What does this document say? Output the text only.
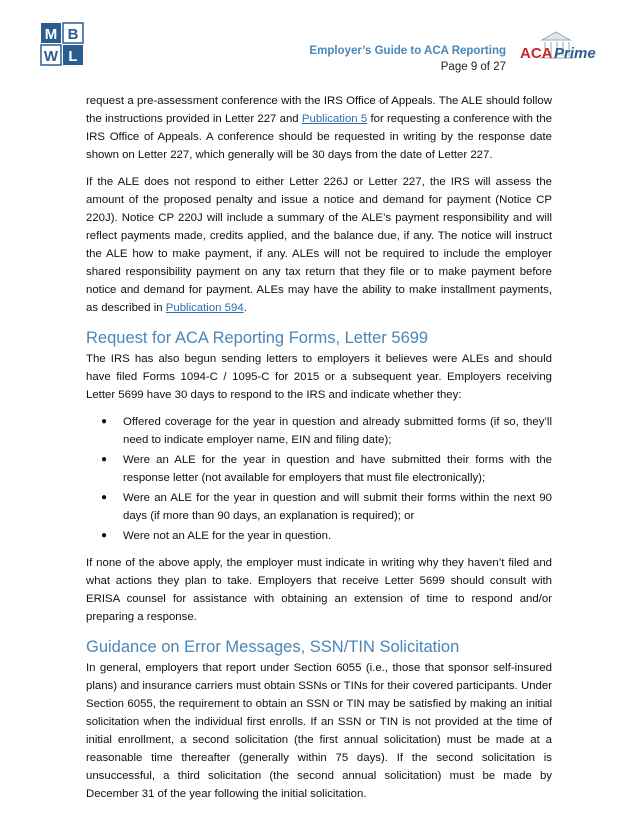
M B
W L	Employer’s Guide to ACA Reporting
Page 9 of 27
ACA Prime

request a pre-assessment conference with the IRS Office of Appeals. The ALE should follow the instructions provided in Letter 227 and Publication 5 for requesting a conference with the IRS Office of Appeals. A conference should be requested in writing by the response date shown on Letter 227, which generally will be 30 days from the date of Letter 227.

If the ALE does not respond to either Letter 226J or Letter 227, the IRS will assess the amount of the proposed penalty and issue a notice and demand for payment (Notice CP 220J). Notice CP 220J will include a summary of the ALE’s payment responsibility and will reflect payments made, credits applied, and the balance due, if any. The notice will instruct the ALE how to make payment, if any. ALEs will not be required to include the employer shared responsibility payment on any tax return that they file or to make payment before notice and demand for payment. ALEs may have the ability to make installment payments, as described in Publication 594.

Request for ACA Reporting Forms, Letter 5699

The IRS has also begun sending letters to employers it believes were ALEs and should have filed Forms 1094-C / 1095-C for 2015 or a subsequent year. Employers receiving Letter 5699 have 30 days to respond to the IRS and indicate whether they:

● Offered coverage for the year in question and already submitted forms (if so, they’ll need to indicate employer name, EIN and filing date);
● Were an ALE for the year in question and have submitted their forms with the response letter (not available for employers that must file electronically);
● Were an ALE for the year in question and will submit their forms within the next 90 days (if more than 90 days, an explanation is required); or
● Were not an ALE for the year in question.

If none of the above apply, the employer must indicate in writing why they haven’t filed and what actions they plan to take. Employers that receive Letter 5699 should consult with ERISA counsel for assistance with obtaining an extension of time to respond and/or preparing a response.

Guidance on Error Messages, SSN/TIN Solicitation

In general, employers that report under Section 6055 (i.e., those that sponsor self-insured plans) and insurance carriers must obtain SSNs or TINs for their covered participants. Under Section 6055, the requirement to obtain an SSN or TIN may be satisfied by making an initial solicitation when the individual first enrolls. If an SSN or TIN is not provided at the time of initial enrollment, a second solicitation (the first annual solicitation) must be made at a reasonable time thereafter (generally within 75 days). If the second solicitation is unsuccessful, a third solicitation (the second annual solicitation) must be made by December 31 of the year following the initial solicitation.
